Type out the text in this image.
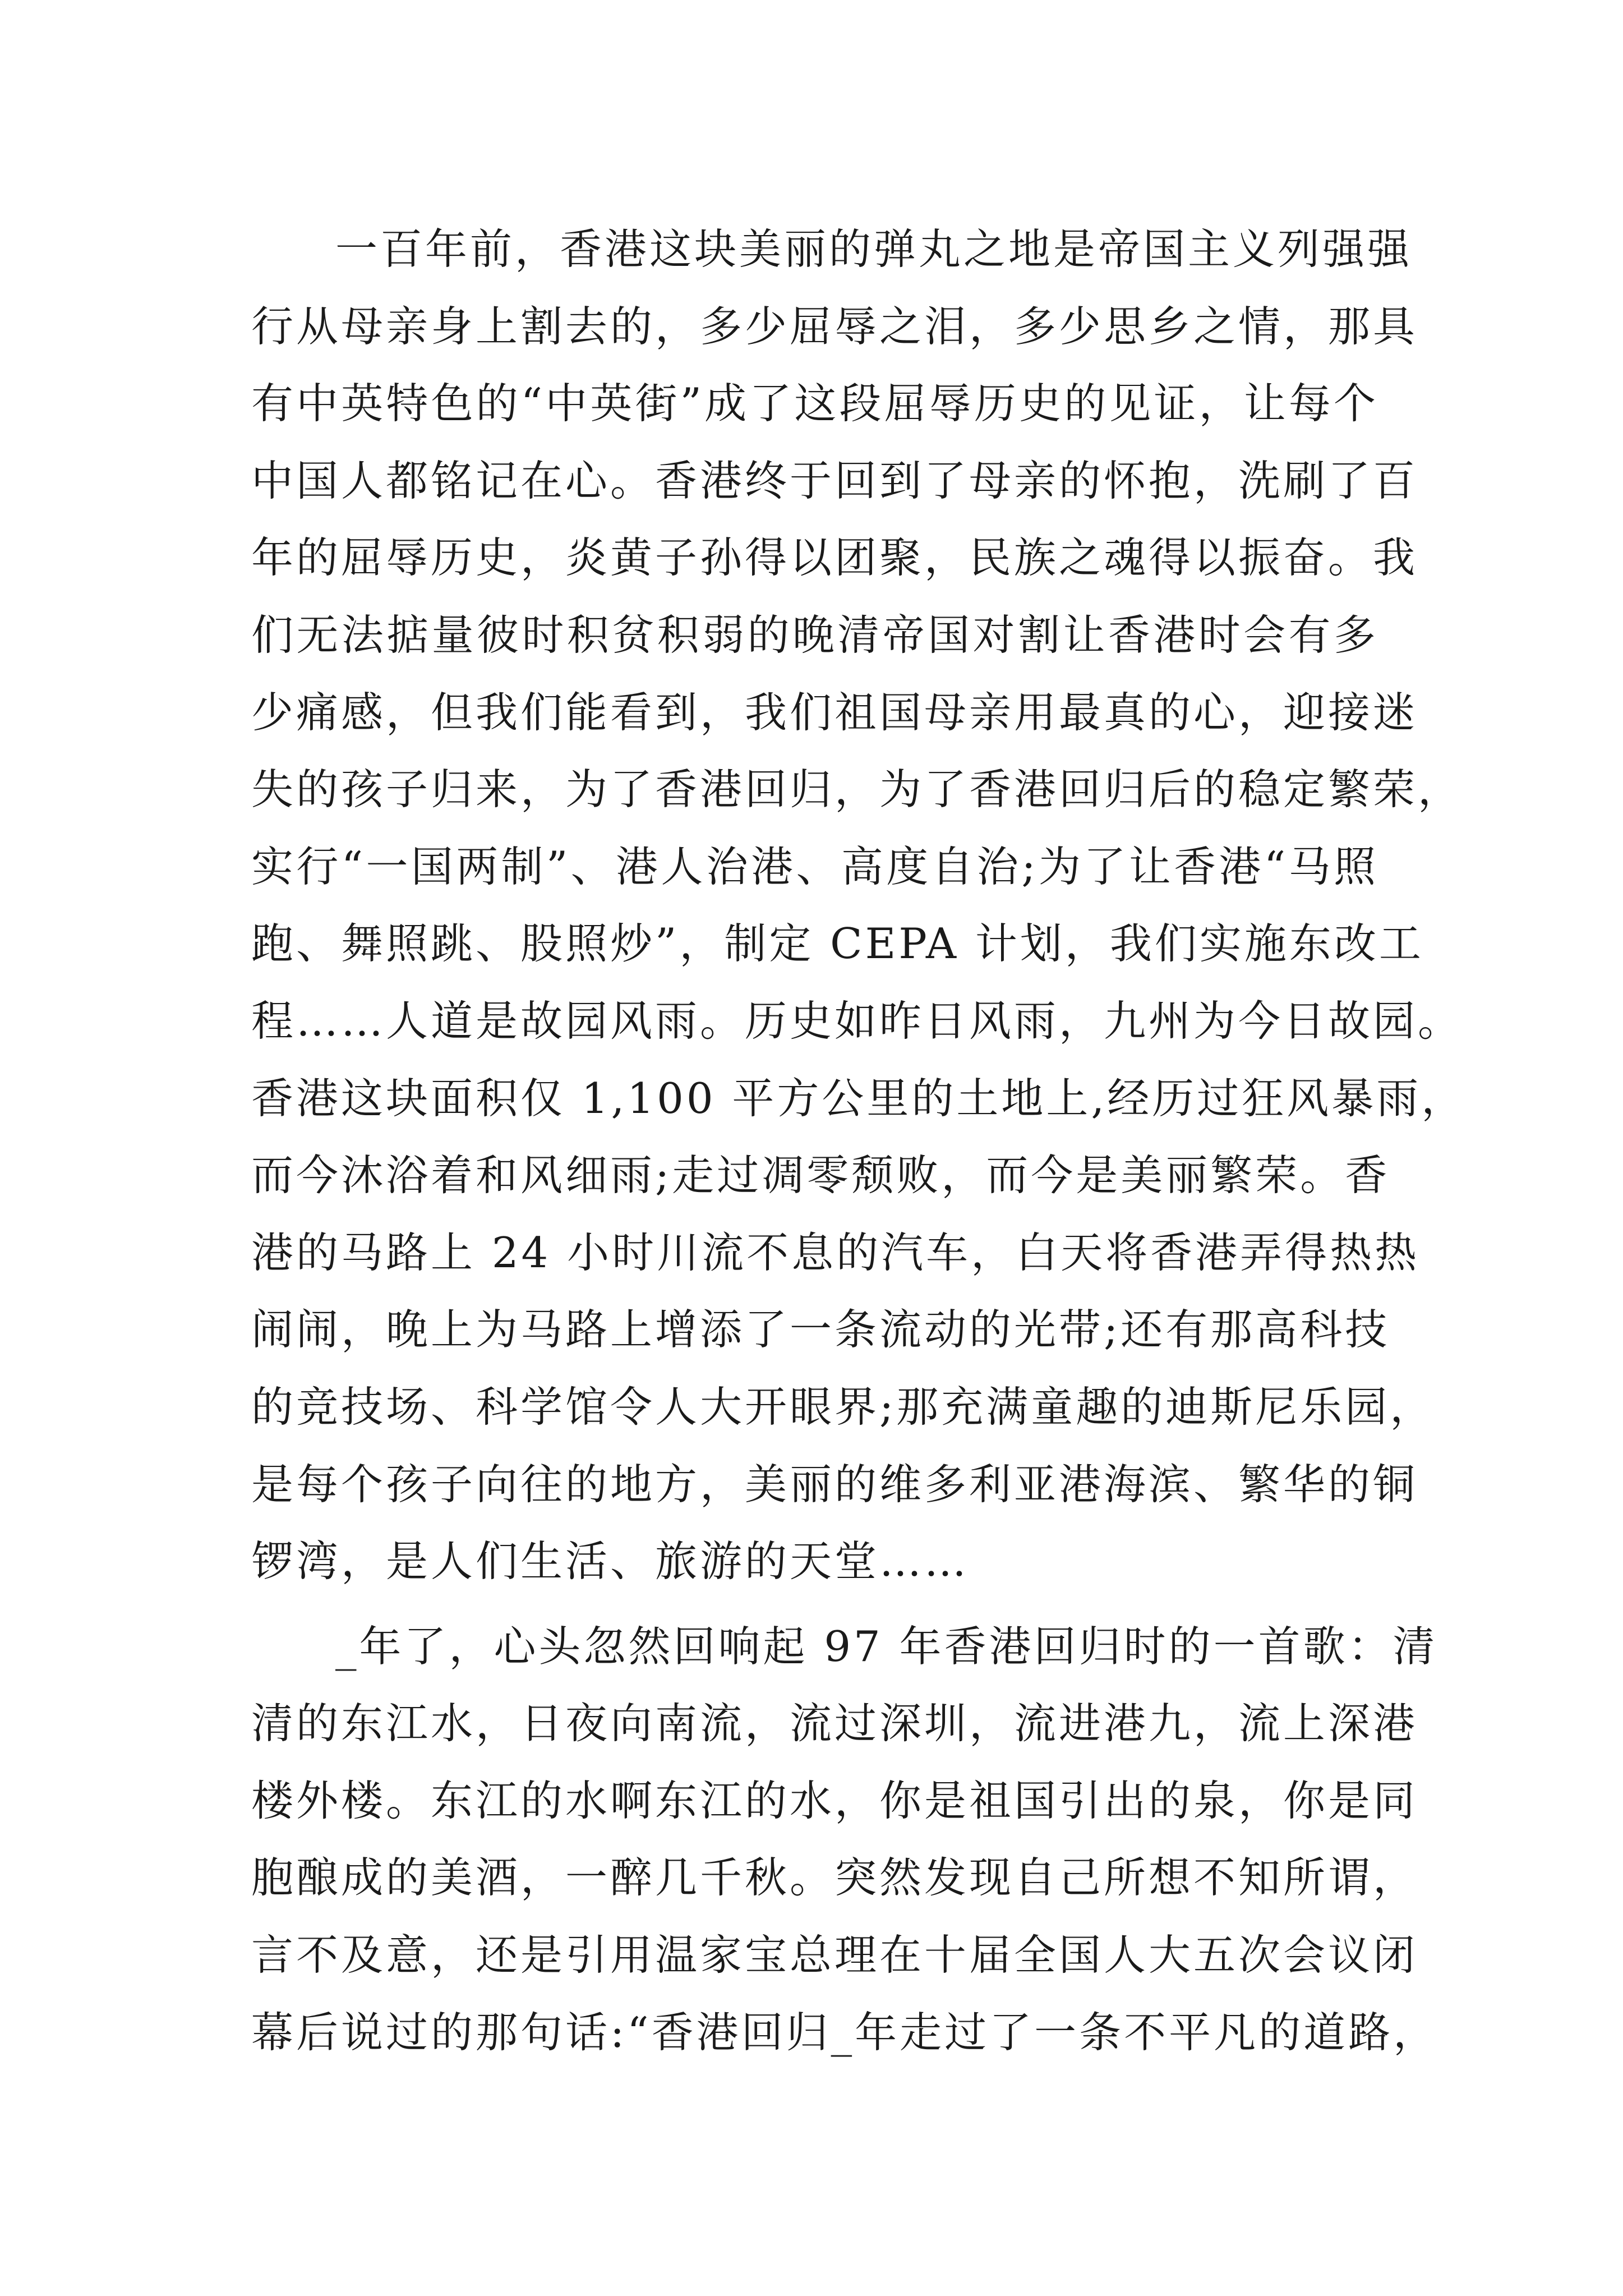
一百年前，香港这块美丽的弹丸之地是帝国主义列强强
行从母亲身上割去的，多少屈辱之泪，多少思乡之情，那具
有中英特色的“中英街”成了这段屈辱历史的见证，让每个
中国人都铭记在心。香港终于回到了母亲的怀抱，洗刷了百
年的屈辱历史，炎黄子孙得以团聚，民族之魂得以振奋。我
们无法掂量彼时积贫积弱的晚清帝国对割让香港时会有多
少痛感，但我们能看到，我们祖国母亲用最真的心，迎接迷
失的孩子归来，为了香港回归，为了香港回归后的稳定繁荣，
实行“一国两制”、港人治港、高度自治;为了让香港“马照
跑、舞照跳、股照炒”，制定 CEPA 计划，我们实施东改工
程……人道是故园风雨。历史如昨日风雨，九州为今日故园。
香港这块面积仅 1,100 平方公里的土地上,经历过狂风暴雨，
而今沐浴着和风细雨;走过凋零颓败，而今是美丽繁荣。香
港的马路上 24 小时川流不息的汽车，白天将香港弄得热热
闹闹，晚上为马路上增添了一条流动的光带;还有那高科技
的竞技场、科学馆令人大开眼界;那充满童趣的迪斯尼乐园，
是每个孩子向往的地方，美丽的维多利亚港海滨、繁华的铜
锣湾，是人们生活、旅游的天堂……
_年了，心头忽然回响起 97 年香港回归时的一首歌：清
清的东江水，日夜向南流，流过深圳，流进港九，流上深港
楼外楼。东江的水啊东江的水，你是祖国引出的泉，你是同
胞酿成的美酒，一醉几千秋。突然发现自己所想不知所谓，
言不及意，还是引用温家宝总理在十届全国人大五次会议闭
幕后说过的那句话:“香港回归_年走过了一条不平凡的道路，
